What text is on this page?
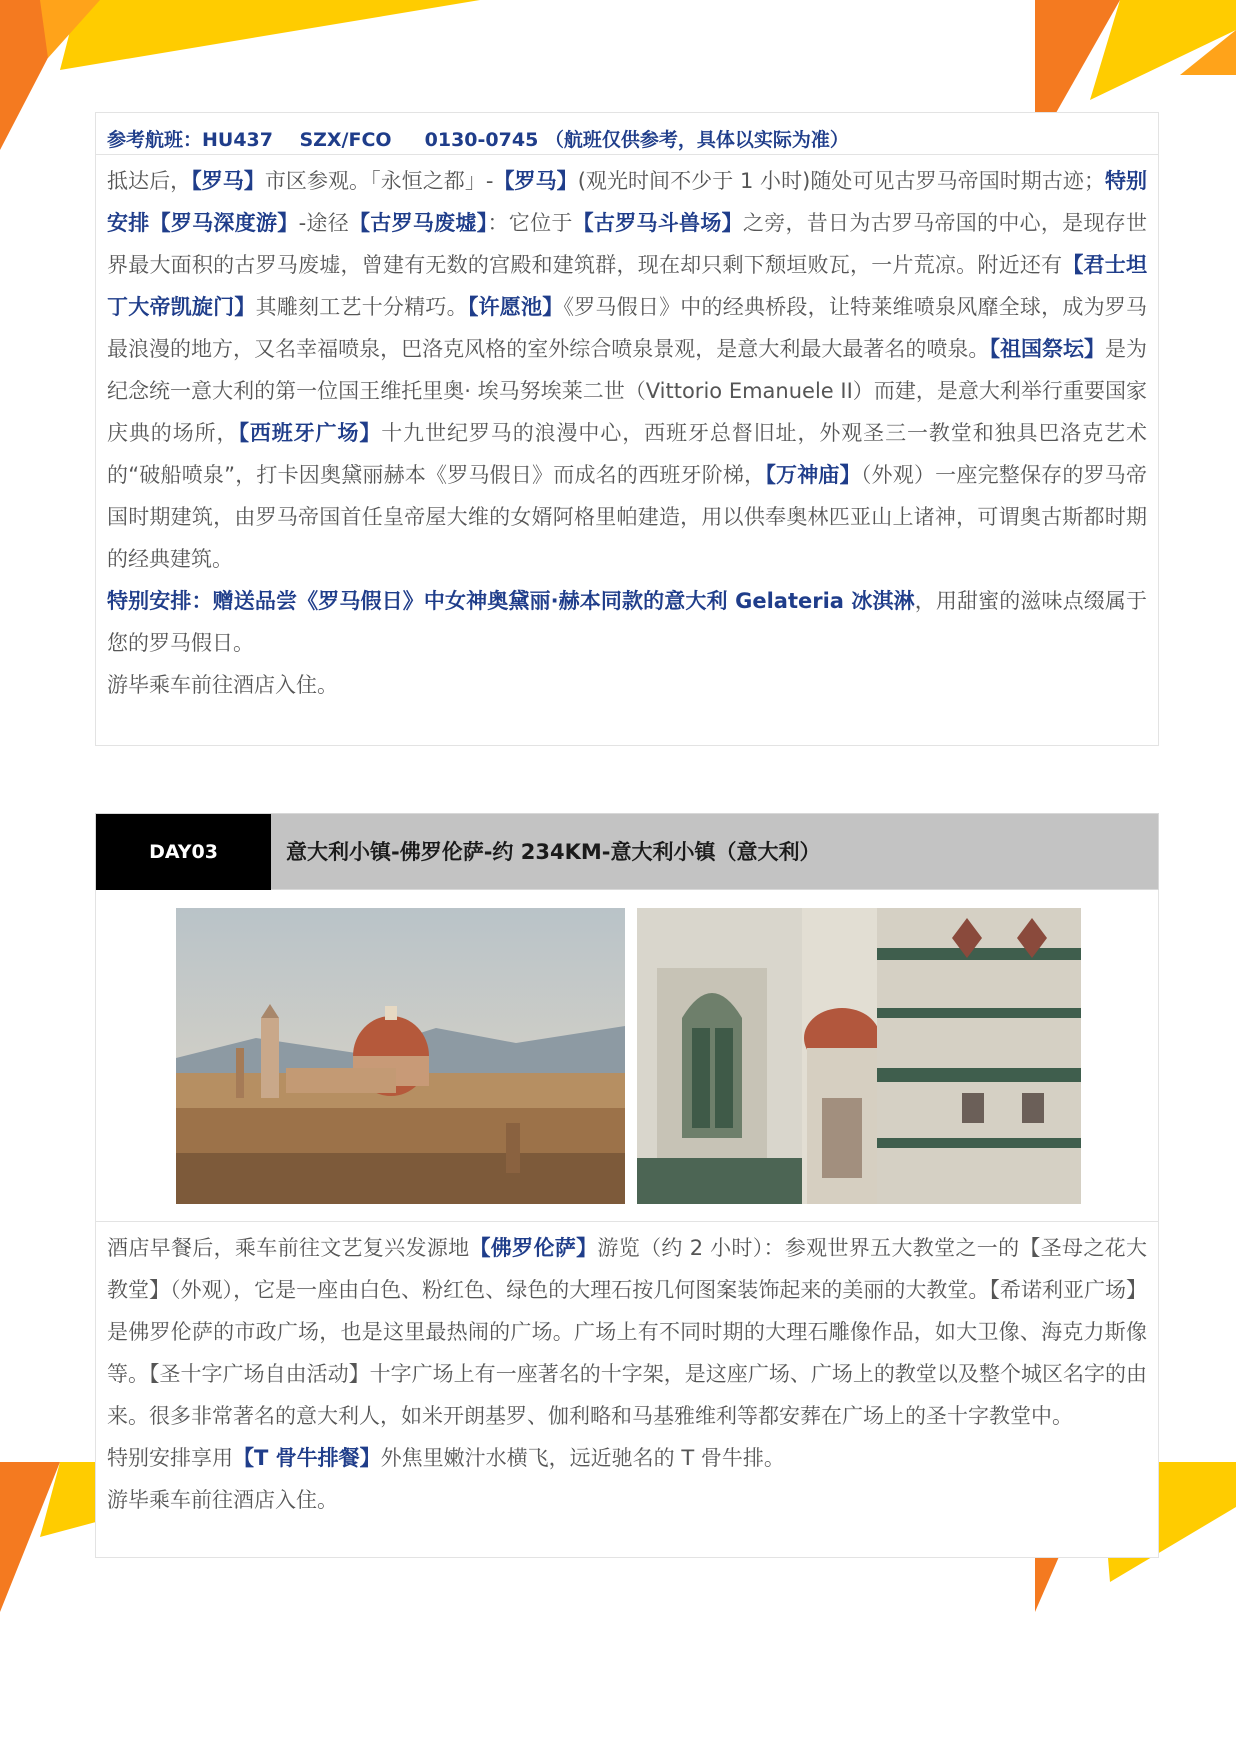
参考航班：HU437    SZX/FCO     0130-0745 （航班仅供参考，具体以实际为准）

抵达后，【罗马】市区参观。「永恒之都」-【罗马】(观光时间不少于 1 小时)随处可见古罗马帝国时期古迹；特别安排【罗马深度游】-途径【古罗马废墟】：它位于【古罗马斗兽场】之旁，昔日为古罗马帝国的中心，是现存世界最大面积的古罗马废墟，曾建有无数的宫殿和建筑群，现在却只剩下颓垣败瓦，一片荒凉。附近还有【君士坦丁大帝凯旋门】其雕刻工艺十分精巧。【许愿池】《罗马假日》中的经典桥段，让特莱维喷泉风靡全球，成为罗马最浪漫的地方，又名幸福喷泉，巴洛克风格的室外综合喷泉景观，是意大利最大最著名的喷泉。【祖国祭坛】是为纪念统一意大利的第一位国王维托里奥· 埃马努埃莱二世（Vittorio Emanuele II）而建，是意大利举行重要国家庆典的场所，【西班牙广场】十九世纪罗马的浪漫中心，西班牙总督旧址，外观圣三一教堂和独具巴洛克艺术的“破船喷泉”，打卡因奥黛丽赫本《罗马假日》而成名的西班牙阶梯，【万神庙】（外观）一座完整保存的罗马帝国时期建筑，由罗马帝国首任皇帝屋大维的女婿阿格里帕建造，用以供奉奥林匹亚山上诸神，可谓奥古斯都时期的经典建筑。

特别安排：赠送品尝《罗马假日》中女神奥黛丽·赫本同款的意大利 Gelateria 冰淇淋，用甜蜜的滋味点缀属于您的罗马假日。

游毕乘车前往酒店入住。

DAY03	意大利小镇-佛罗伦萨-约 234KM-意大利小镇（意大利）

酒店早餐后，乘车前往文艺复兴发源地【佛罗伦萨】游览（约 2 小时）：参观世界五大教堂之一的【圣母之花大教堂】（外观），它是一座由白色、粉红色、绿色的大理石按几何图案装饰起来的美丽的大教堂。【希诺利亚广场】是佛罗伦萨的市政广场，也是这里最热闹的广场。广场上有不同时期的大理石雕像作品，如大卫像、海克力斯像等。【圣十字广场自由活动】十字广场上有一座著名的十字架，是这座广场、广场上的教堂以及整个城区名字的由来。很多非常著名的意大利人，如米开朗基罗、伽利略和马基雅维利等都安葬在广场上的圣十字教堂中。

特别安排享用【T 骨牛排餐】外焦里嫩汁水横飞，远近驰名的 T 骨牛排。

游毕乘车前往酒店入住。
